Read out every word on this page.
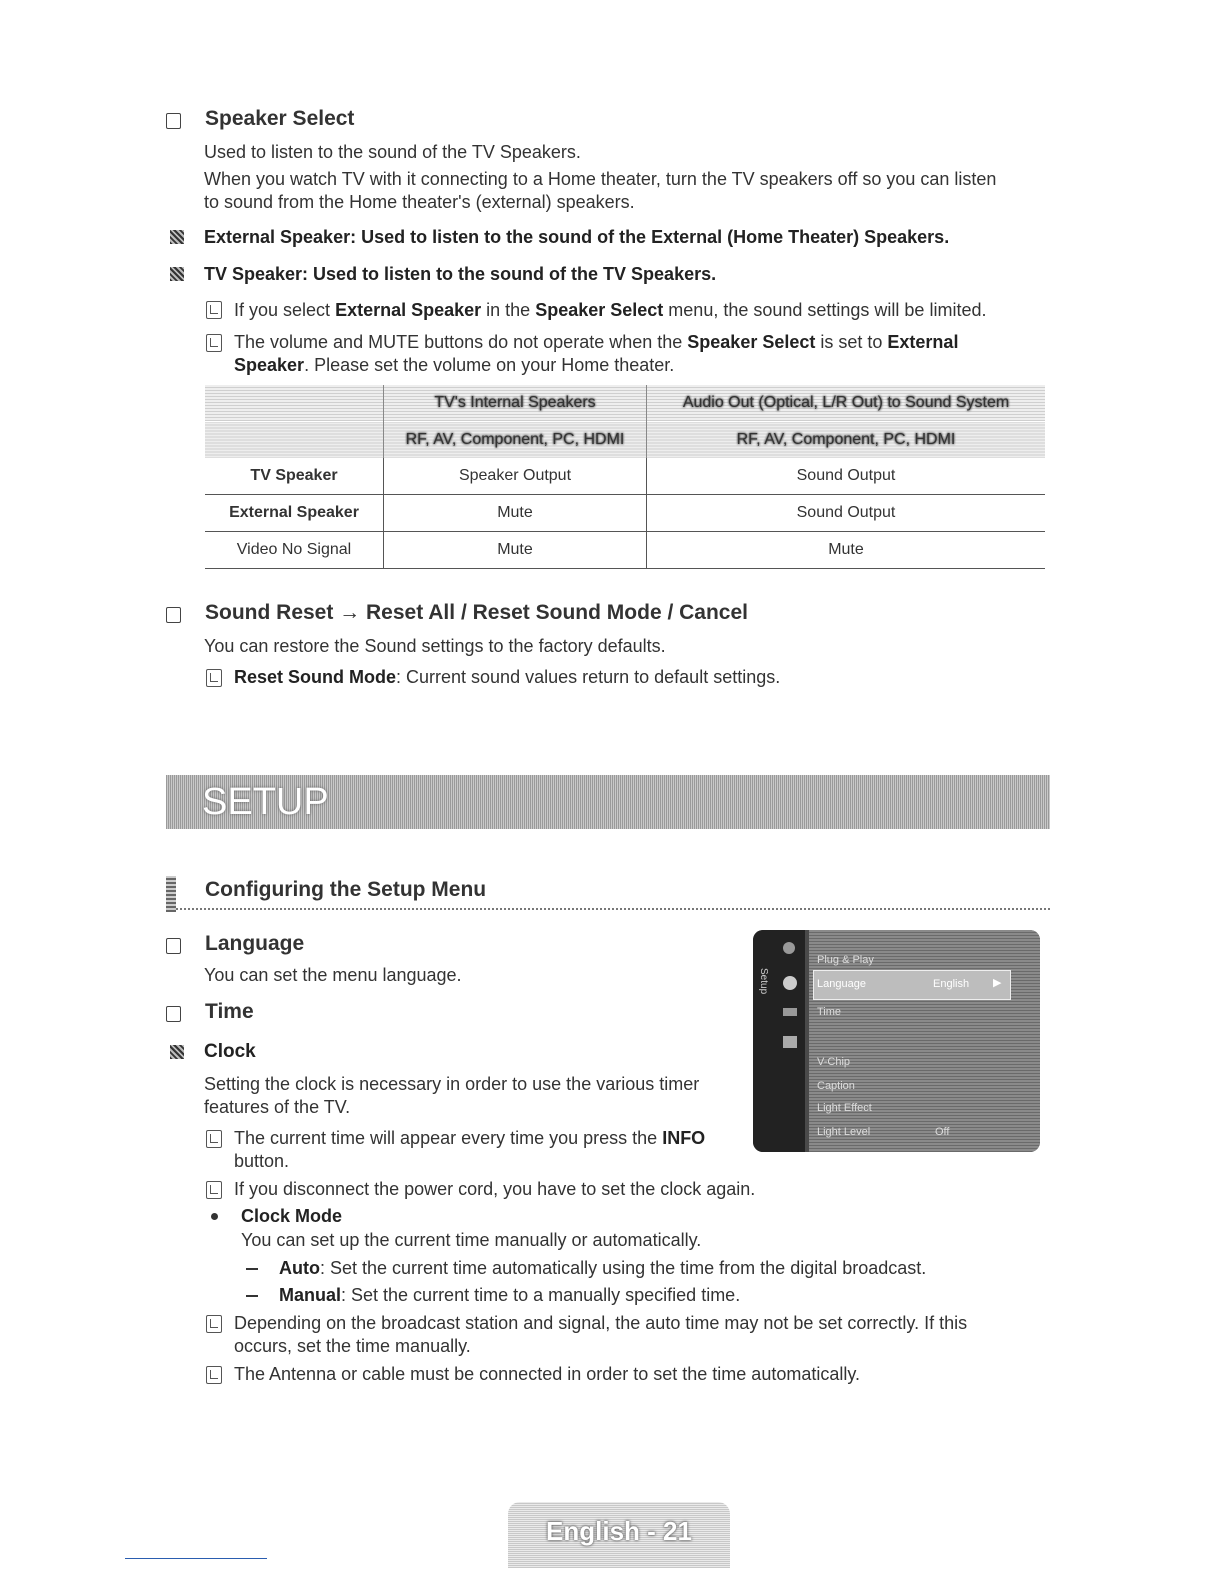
Speaker Select
Used to listen to the sound of the TV Speakers.
When you watch TV with it connecting to a Home theater, turn the TV speakers off so you can listen
to sound from the Home theater's (external) speakers.
External Speaker: Used to listen to the sound of the External (Home Theater) Speakers.
TV Speaker: Used to listen to the sound of the TV Speakers.
If you select External Speaker in the Speaker Select menu, the sound settings will be limited.
The volume and MUTE buttons do not operate when the Speaker Select is set to External
Speaker. Please set the volume on your Home theater.
	TV's Internal Speakers	Audio Out (Optical, L/R Out) to Sound System
	RF, AV, Component, PC, HDMI	RF, AV, Component, PC, HDMI
TV Speaker	Speaker Output	Sound Output
External Speaker	Mute	Sound Output
Video No Signal	Mute	Mute
Sound Reset → Reset All / Reset Sound Mode / Cancel
You can restore the Sound settings to the factory defaults.
Reset Sound Mode: Current sound values return to default settings.
SETUP
Configuring the Setup Menu
Language
You can set the menu language.
Time
Clock
Setting the clock is necessary in order to use the various timer
features of the TV.
The current time will appear every time you press the INFO
button.
If you disconnect the power cord, you have to set the clock again.
Clock Mode
You can set up the current time manually or automatically.
Auto: Set the current time automatically using the time from the digital broadcast.
Manual: Set the current time to a manually specified time.
Depending on the broadcast station and signal, the auto time may not be set correctly. If this
occurs, set the time manually.
The Antenna or cable must be connected in order to set the time automatically.
Setup
Plug & Play
Language	English ▶
Time
V-Chip
Caption
Light Effect
Light Level	Off
English - 21
